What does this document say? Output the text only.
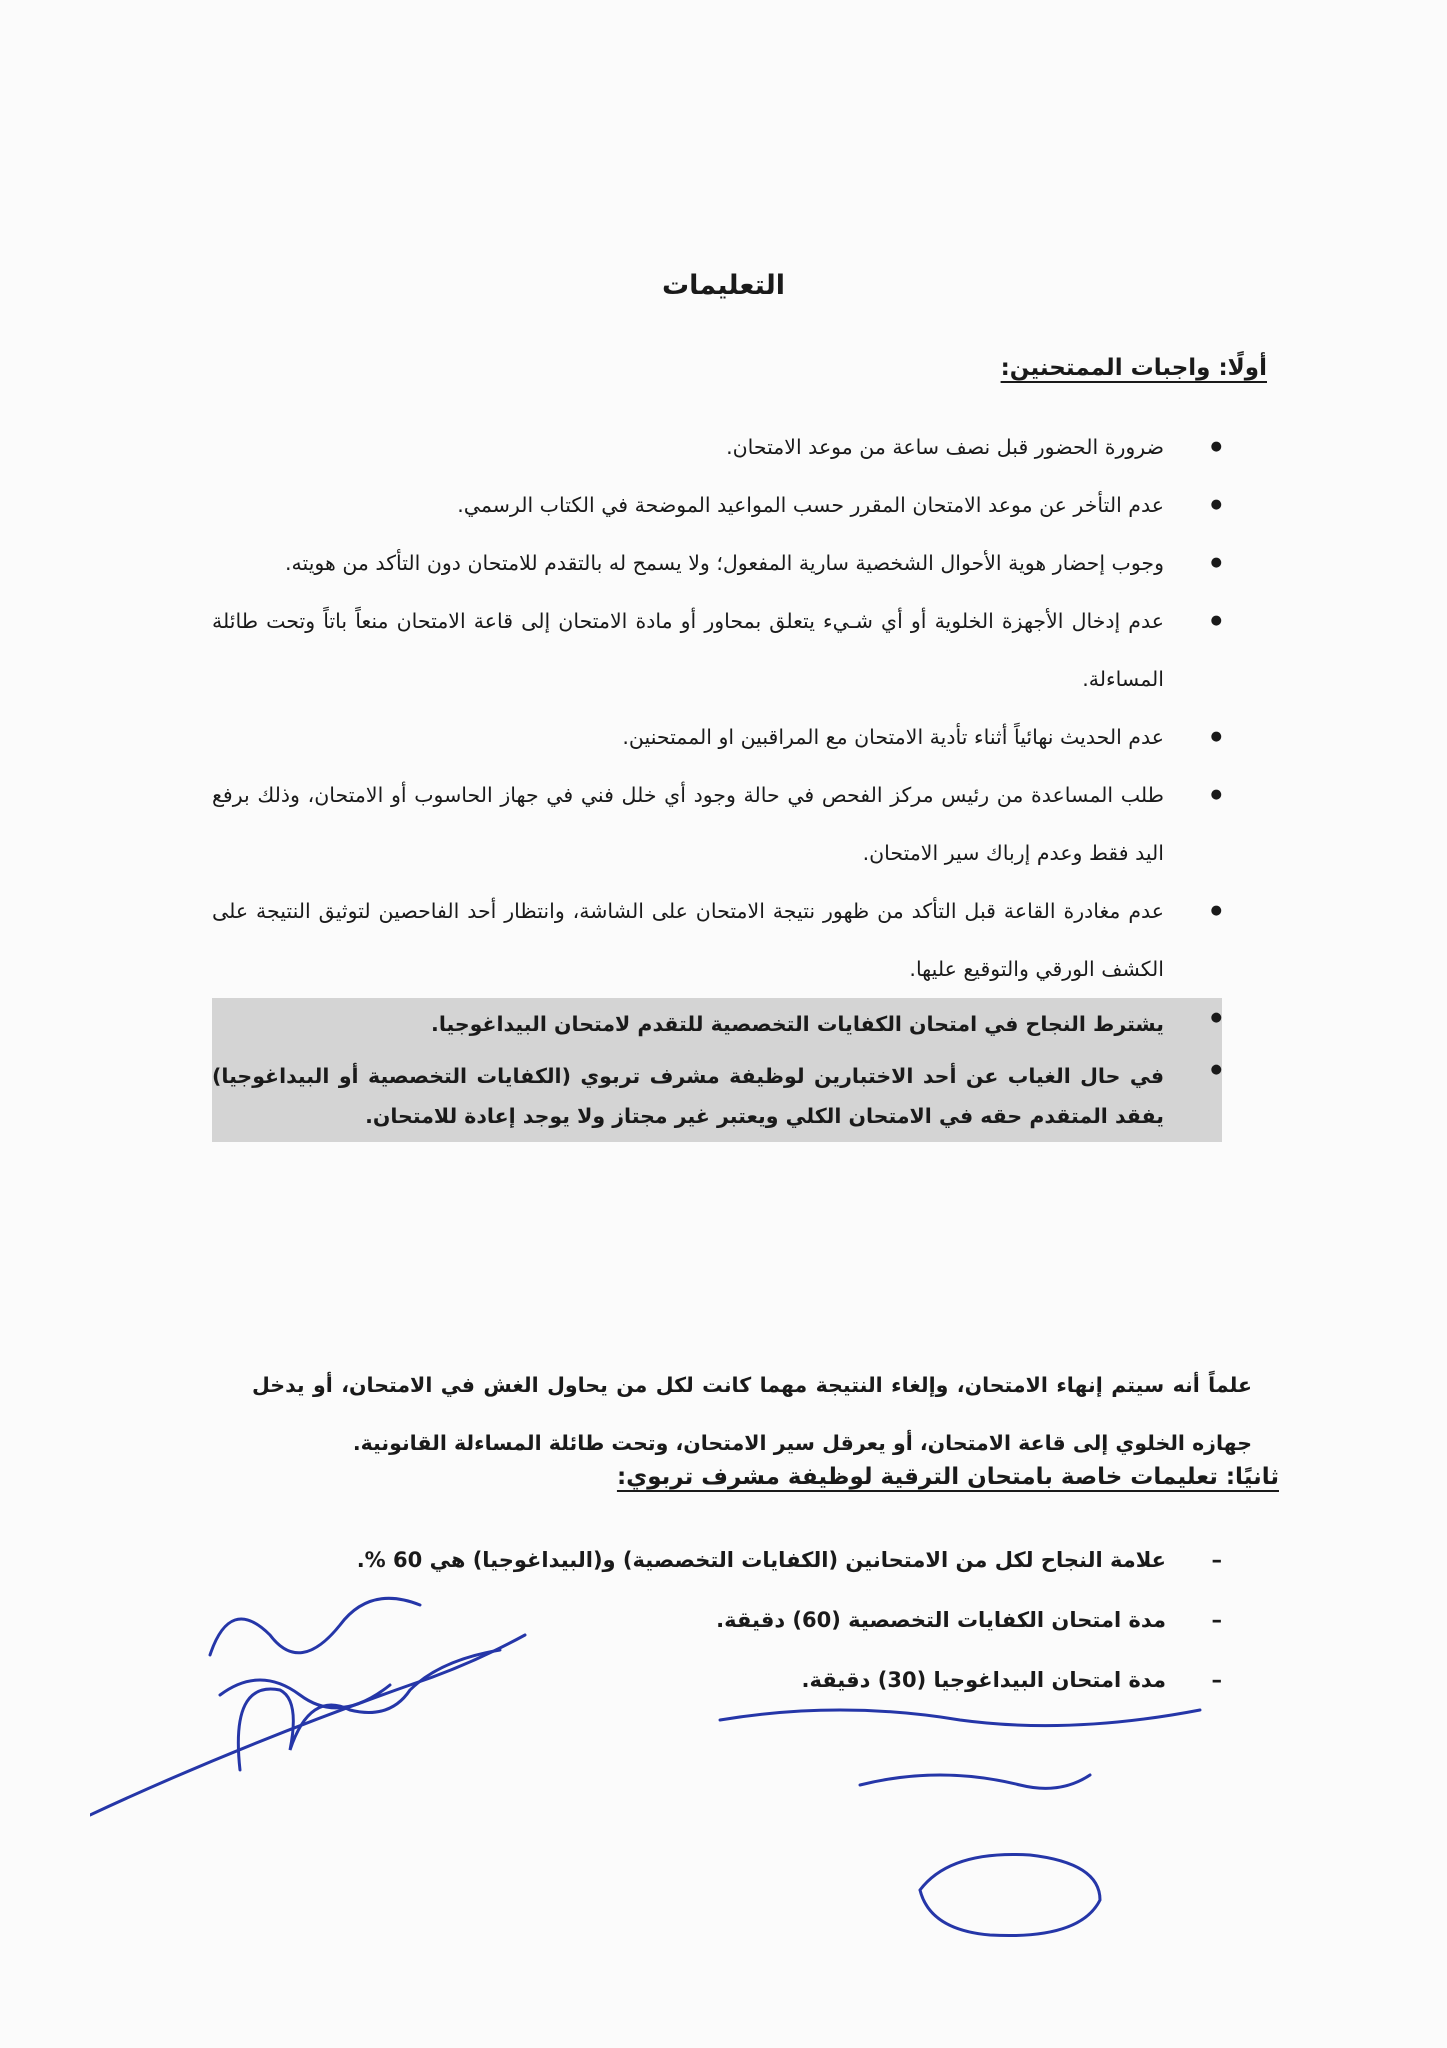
التعليمات
أولًا: واجبات الممتحنين:
● ضرورة الحضور قبل نصف ساعة من موعد الامتحان.
● عدم التأخر عن موعد الامتحان المقرر حسب المواعيد الموضحة في الكتاب الرسمي.
● وجوب إحضار هوية الأحوال الشخصية سارية المفعول؛ ولا يسمح له بالتقدم للامتحان دون التأكد من هويته.
● عدم إدخال الأجهزة الخلوية أو أي شـيء يتعلق بمحاور أو مادة الامتحان إلى قاعة الامتحان منعاً باتاً وتحت طائلة المساءلة.
● عدم الحديث نهائياً أثناء تأدية الامتحان مع المراقبين او الممتحنين.
● طلب المساعدة من رئيس مركز الفحص في حالة وجود أي خلل فني في جهاز الحاسوب أو الامتحان، وذلك برفع اليد فقط وعدم إرباك سير الامتحان.
● عدم مغادرة القاعة قبل التأكد من ظهور نتيجة الامتحان على الشاشة، وانتظار أحد الفاحصين لتوثيق النتيجة على الكشف الورقي والتوقيع عليها.
● يشترط النجاح في امتحان الكفايات التخصصية للتقدم لامتحان البيداغوجيا.
● في حال الغياب عن أحد الاختبارين لوظيفة مشرف تربوي (الكفايات التخصصية أو البيداغوجيا) يفقد المتقدم حقه في الامتحان الكلي ويعتبر غير مجتاز ولا يوجد إعادة للامتحان.

علماً أنه سيتم إنهاء الامتحان، وإلغاء النتيجة مهما كانت لكل من يحاول الغش في الامتحان، أو يدخل جهازه الخلوي إلى قاعة الامتحان، أو يعرقل سير الامتحان، وتحت طائلة المساءلة القانونية.

ثانيًا: تعليمات خاصة بامتحان الترقية لوظيفة مشرف تربوي:
– علامة النجاح لكل من الامتحانين (الكفايات التخصصية) و(البيداغوجيا) هي 60 %.
– مدة امتحان الكفايات التخصصية (60) دقيقة.
– مدة امتحان البيداغوجيا (30) دقيقة.
